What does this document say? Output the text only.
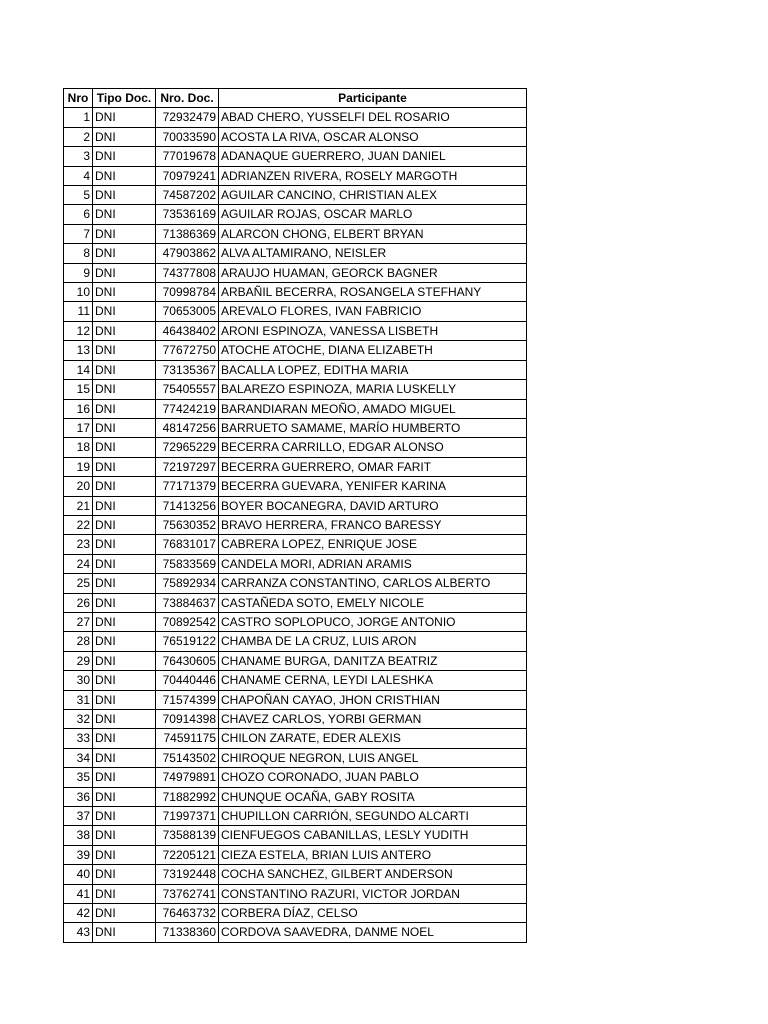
Nro	Tipo Doc.	Nro. Doc.	Participante
1	DNI	72932479	ABAD CHERO, YUSSELFI DEL ROSARIO
2	DNI	70033590	ACOSTA LA RIVA, OSCAR ALONSO
3	DNI	77019678	ADANAQUE GUERRERO, JUAN DANIEL
4	DNI	70979241	ADRIANZEN RIVERA, ROSELY MARGOTH
5	DNI	74587202	AGUILAR CANCINO, CHRISTIAN ALEX
6	DNI	73536169	AGUILAR ROJAS, OSCAR MARLO
7	DNI	71386369	ALARCON CHONG, ELBERT BRYAN
8	DNI	47903862	ALVA ALTAMIRANO, NEISLER
9	DNI	74377808	ARAUJO HUAMAN, GEORCK BAGNER
10	DNI	70998784	ARBAÑIL BECERRA, ROSANGELA STEFHANY
11	DNI	70653005	AREVALO FLORES, IVAN FABRICIO
12	DNI	46438402	ARONI ESPINOZA, VANESSA LISBETH
13	DNI	77672750	ATOCHE ATOCHE, DIANA ELIZABETH
14	DNI	73135367	BACALLA LOPEZ, EDITHA MARIA
15	DNI	75405557	BALAREZO ESPINOZA, MARIA LUSKELLY
16	DNI	77424219	BARANDIARAN MEOÑO, AMADO MIGUEL
17	DNI	48147256	BARRUETO SAMAME, MARÍO HUMBERTO
18	DNI	72965229	BECERRA CARRILLO, EDGAR ALONSO
19	DNI	72197297	BECERRA GUERRERO, OMAR FARIT
20	DNI	77171379	BECERRA GUEVARA, YENIFER KARINA
21	DNI	71413256	BOYER BOCANEGRA, DAVID ARTURO
22	DNI	75630352	BRAVO HERRERA, FRANCO BARESSY
23	DNI	76831017	CABRERA LOPEZ, ENRIQUE JOSE
24	DNI	75833569	CANDELA MORI, ADRIAN ARAMIS
25	DNI	75892934	CARRANZA CONSTANTINO, CARLOS ALBERTO
26	DNI	73884637	CASTAÑEDA SOTO, EMELY NICOLE
27	DNI	70892542	CASTRO SOPLOPUCO, JORGE ANTONIO
28	DNI	76519122	CHAMBA DE LA CRUZ, LUIS ARON
29	DNI	76430605	CHANAME BURGA, DANITZA BEATRIZ
30	DNI	70440446	CHANAME CERNA, LEYDI LALESHKA
31	DNI	71574399	CHAPOÑAN CAYAO, JHON CRISTHIAN
32	DNI	70914398	CHAVEZ CARLOS, YORBI GERMAN
33	DNI	74591175	CHILON ZARATE, EDER ALEXIS
34	DNI	75143502	CHIROQUE NEGRON, LUIS ANGEL
35	DNI	74979891	CHOZO CORONADO, JUAN PABLO
36	DNI	71882992	CHUNQUE OCAÑA, GABY ROSITA
37	DNI	71997371	CHUPILLON CARRIÓN, SEGUNDO ALCARTI
38	DNI	73588139	CIENFUEGOS CABANILLAS, LESLY YUDITH
39	DNI	72205121	CIEZA ESTELA, BRIAN LUIS ANTERO
40	DNI	73192448	COCHA SANCHEZ, GILBERT ANDERSON
41	DNI	73762741	CONSTANTINO RAZURI, VICTOR JORDAN
42	DNI	76463732	CORBERA DÍAZ, CELSO
43	DNI	71338360	CORDOVA SAAVEDRA, DANME NOEL
